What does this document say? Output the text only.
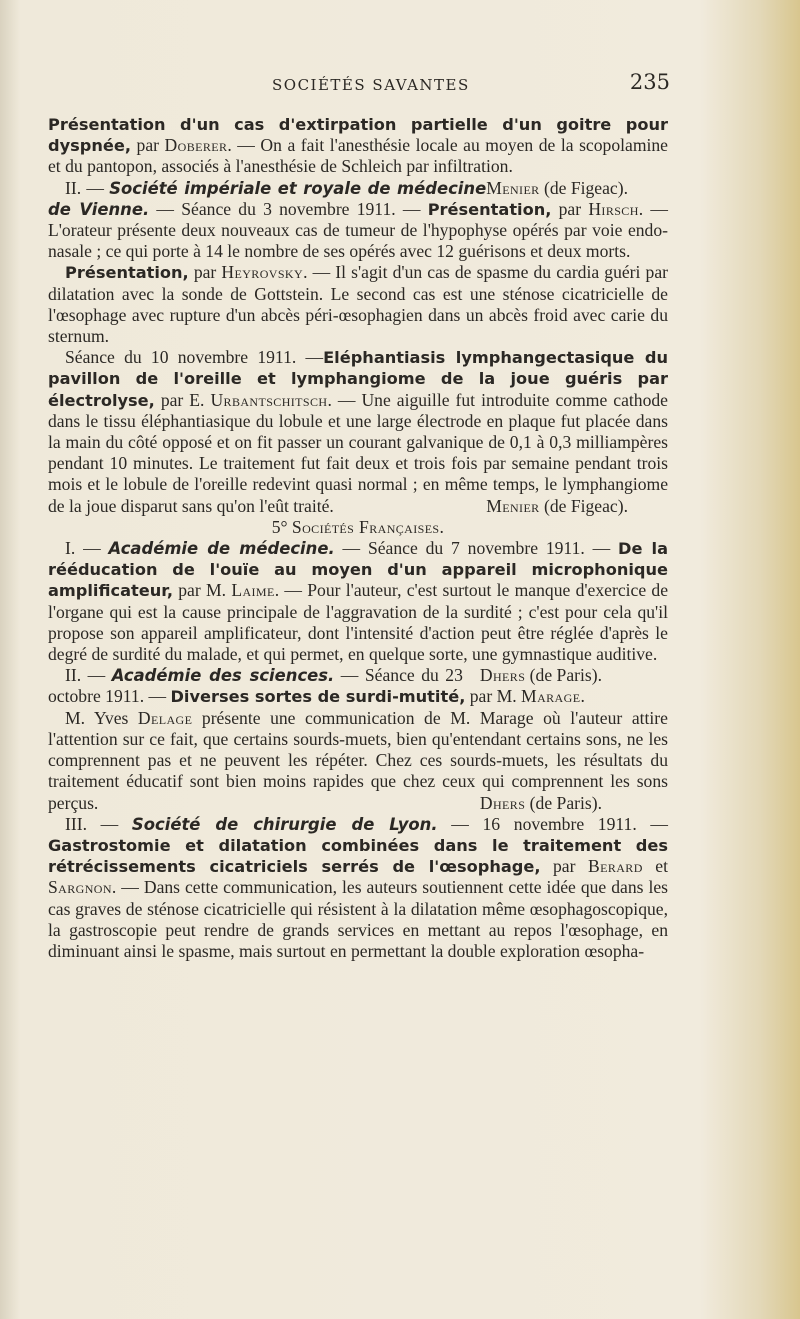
SOCIÉTÉS SAVANTES	235

Présentation d'un cas d'extirpation partielle d'un goitre pour dyspnée, par Doberer. — On a fait l'anesthésie locale au moyen de la scopolamine et du pantopon, associés à l'anesthésie de Schleich par infiltration.
Menier (de Figeac).

II. — Société impériale et royale de médecine de Vienne. — Séance du 3 novembre 1911. — Présentation, par Hirsch. — L'orateur présente deux nouveaux cas de tumeur de l'hypophyse opérés par voie endo-nasale ; ce qui porte à 14 le nombre de ses opérés avec 12 guérisons et deux morts.

Présentation, par Heyrovsky. — Il s'agit d'un cas de spasme du cardia guéri par dilatation avec la sonde de Gottstein. Le second cas est une sténose cicatricielle de l'œsophage avec rupture d'un abcès péri-œsophagien dans un abcès froid avec carie du sternum.

Séance du 10 novembre 1911. —Eléphantiasis lymphangectasique du pavillon de l'oreille et lymphangiome de la joue guéris par électrolyse, par E. Urbantschitsch. — Une aiguille fut introduite comme cathode dans le tissu éléphantiasique du lobule et une large électrode en plaque fut placée dans la main du côté opposé et on fit passer un courant galvanique de 0,1 à 0,3 milliampères pendant 10 minutes. Le traitement fut fait deux et trois fois par semaine pendant trois mois et le lobule de l'oreille redevint quasi normal ; en même temps, le lymphangiome de la joue disparut sans qu'on l'eût traité.	Menier (de Figeac).

5° Sociétés Françaises.

I. — Académie de médecine. — Séance du 7 novembre 1911. — De la rééducation de l'ouïe au moyen d'un appareil microphonique amplificateur, par M. Laime. — Pour l'auteur, c'est surtout le manque d'exercice de l'organe qui est la cause principale de l'aggravation de la surdité ; c'est pour cela qu'il propose son appareil amplificateur, dont l'intensité d'action peut être réglée d'après le degré de surdité du malade, et qui permet, en quelque sorte, une gymnastique auditive.
Dhers (de Paris).

II. — Académie des sciences. — Séance du 23 octobre 1911. — Diverses sortes de surdi-mutité, par M. Marage.

M. Yves Delage présente une communication de M. Marage où l'auteur attire l'attention sur ce fait, que certains sourds-muets, bien qu'entendant certains sons, ne les comprennent pas et ne peuvent les répéter. Chez ces sourds-muets, les résultats du traitement éducatif sont bien moins rapides que chez ceux qui comprennent les sons perçus.	Dhers (de Paris).

III. — Société de chirurgie de Lyon. — 16 novembre 1911. — Gastrostomie et dilatation combinées dans le traitement des rétrécissements cicatriciels serrés de l'œsophage, par Berard et Sargnon. — Dans cette communication, les auteurs soutiennent cette idée que dans les cas graves de sténose cicatricielle qui résistent à la dilatation même œsophagoscopique, la gastroscopie peut rendre de grands services en mettant au repos l'œsophage, en diminuant ainsi le spasme, mais surtout en permettant la double exploration œsopha-
